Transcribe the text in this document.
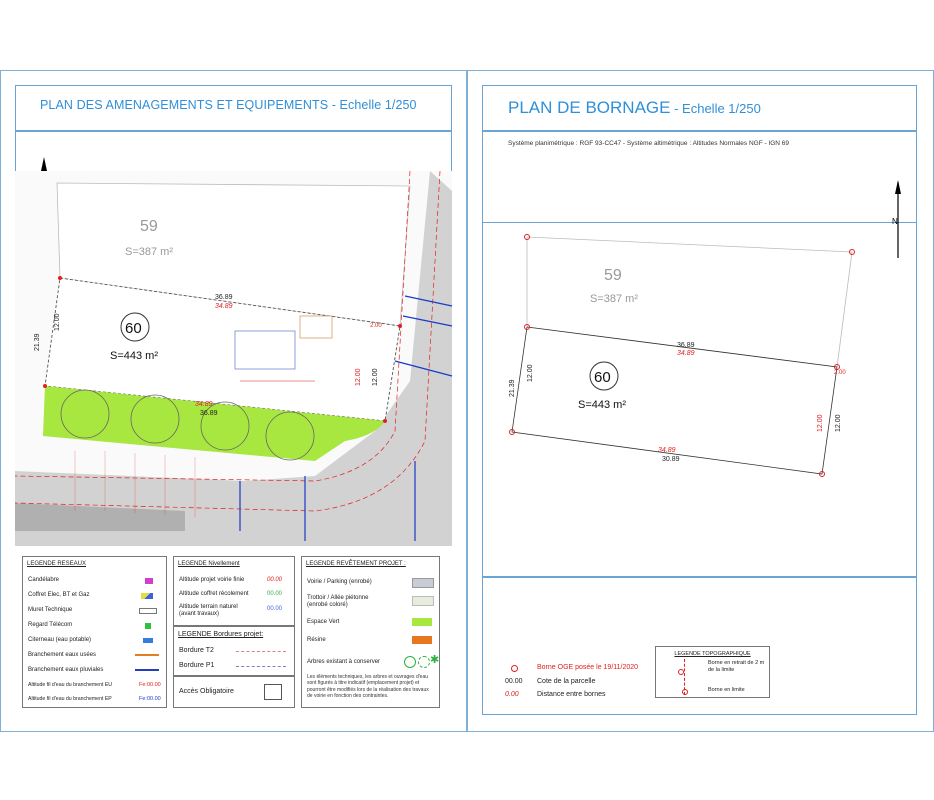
PLAN DES AMENAGEMENTS ET EQUIPEMENTS - Echelle 1/250
59
S=387 m²
60
S=443 m²
36.89
34.89
34.89
36.89
21.39
12.00
12.00 12.00
2.00
LEGENDE RESEAUX
Candélabre
Coffret Elec, BT et Gaz
Muret Technique
Regard Télécom
Citerneau (eau potable)
Branchement eaux usées
Branchement eaux pluviales
Altitude fil d'eau du branchement EU
Altitude fil d'eau du branchement EP
Fe:00.00
Fe:00.00
LEGENDE Nivellement
Altitude projet voirie finie
Altitude coffret récolement
Altitude terrain naturel (avant travaux)
00.00
00.00
00.00
LEGENDE Bordures projet:
Bordure T2
Bordure P1
Accès Obligatoire
LEGENDE REVÊTEMENT PROJET :
Voirie / Parking (enrobé)
Trottoir / Allée piétonne (enrobé coloré)
Espace Vert
Résine
Arbres existant à conserver	✱
Les éléments techniques, les arbres et ouvrages d'eau sont figurés à titre indicatif (emplacement projet) et pourront être modifiés lors de la réalisation des travaux de voirie en fonction des contraintes.
PLAN DE BORNAGE - Echelle 1/250
Système planimétrique : RGF 93-CC47 - Système altimétrique : Altitudes Normales NGF - IGN 69
N
59
S=387 m²
60
S=443 m²
36.89
34.89
34.89
30.89
21.39
12.00
12.00 12.00
2.00
Borne OGE posée le 19/11/2020
00.00 Cote de la parcelle
0.00	Distance entre bornes
LEGENDE TOPOGRAPHIQUE
Borne en retrait de 2 m de la limite
Borne en limite
